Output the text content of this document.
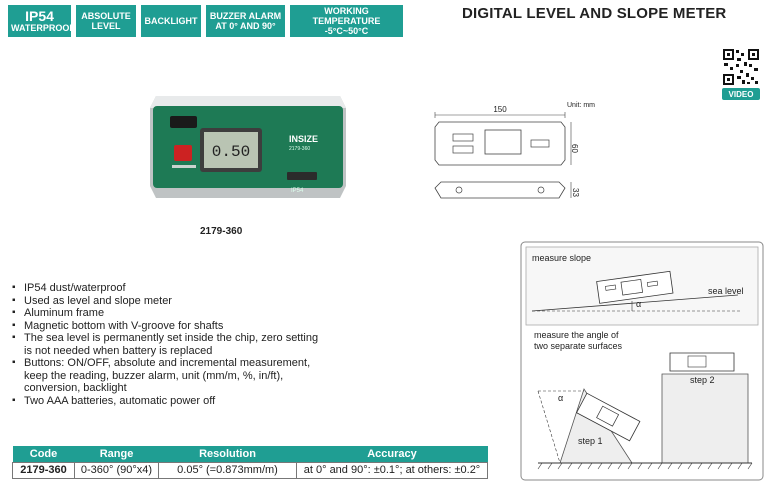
IP54
WATERPROOF
ABSOLUTE
LEVEL	BACKLIGHT BUZZER ALARM
AT 0° AND 90°
WORKING TEMPERATURE
-5°C~50°C
DIGITAL LEVEL AND SLOPE METER
VIDEO
0.50
INSIZE
2179-360
IP54
2179-360
Unit: mm
150
60
33
▪ IP54 dust/waterproof
▪ Used as level and slope meter
▪ Aluminum frame
▪ Magnetic bottom with V-groove for shafts
▪ The sea level is permanently set inside the chip, zero setting is not needed when battery is replaced
▪ Buttons: ON/OFF, absolute and incremental measurement, keep the reading, buzzer alarm, unit (mm/m, %, in/ft), conversion, backlight
▪ Two AAA batteries, automatic power off
Code	Range	Resolution	Accuracy
2179-360	0-360° (90°x4)	0.05° (=0.873mm/m)	at 0° and 90°: ±0.1°; at others: ±0.2°
measure slope
α
sea level
measure the angle of
two separate surfaces
step 2
α
step 1
